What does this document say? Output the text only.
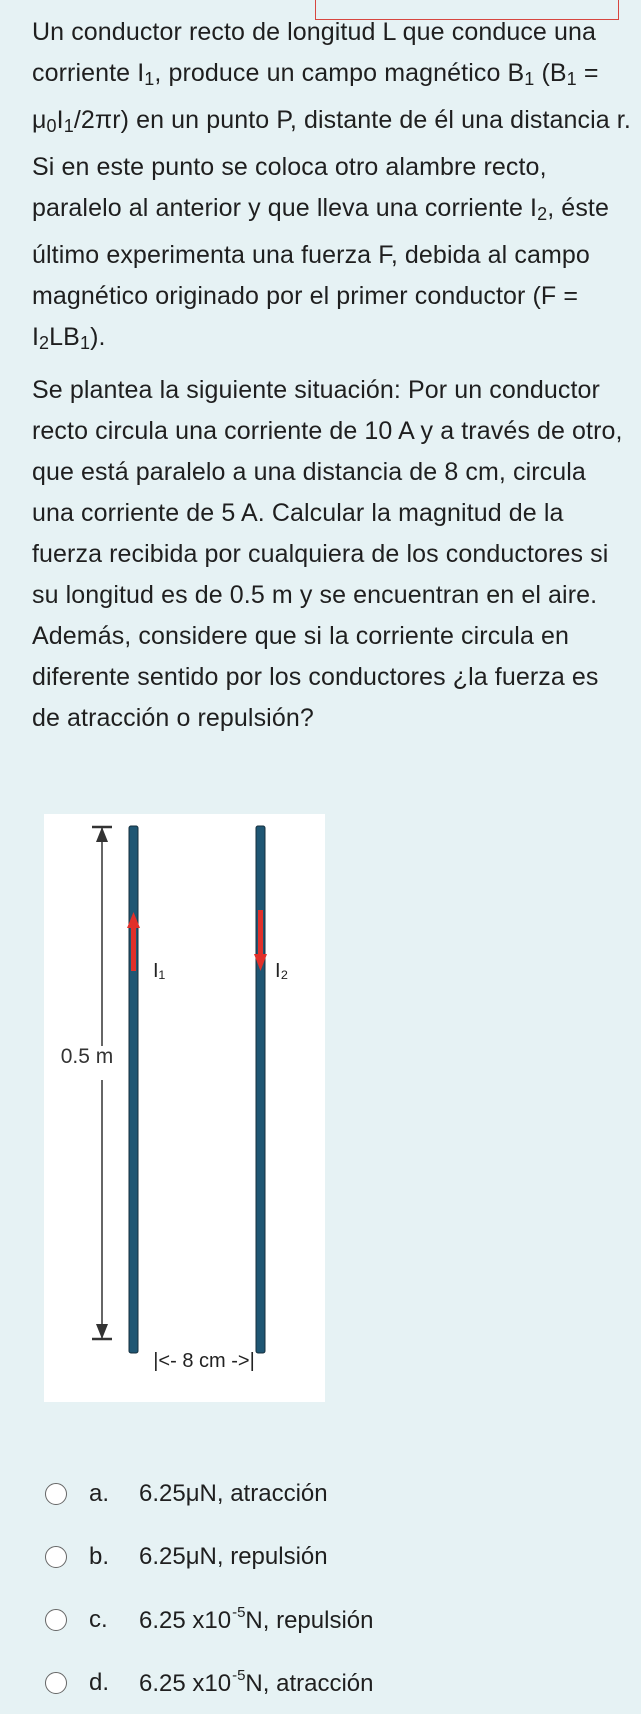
Un conductor recto de longitud L que conduce una corriente $I_1$, produce un campo magnético $B_1$ $(B_1 = \mu_0I_1/2\pi r)$ en un punto P, distante de él una distancia r. Si en este punto se coloca otro alambre recto, paralelo al anterior y que lleva una corriente $I_2$, éste último experimenta una fuerza F, debida al campo magnético originado por el primer conductor $(F = I_2LB_1)$.

Se plantea la siguiente situación: Por un conductor recto circula una corriente de 10 A y a través de otro, que está paralelo a una distancia de 8 cm, circula una corriente de 5 A. Calcular la magnitud de la fuerza recibida por cualquiera de los conductores si su longitud es de 0.5 m y se encuentran en el aire. Además, considere que si la corriente circula en diferente sentido por los conductores ¿la fuerza es de atracción o repulsión?

0.5 m
I₁	I₂
|<- 8 cm ->|
a.	6.25μN, atracción
b.	6.25μN, repulsión
c.	6.25 $x10^{-5}N$, repulsión
d.	6.25 $x10^{-5}N$, atracción
